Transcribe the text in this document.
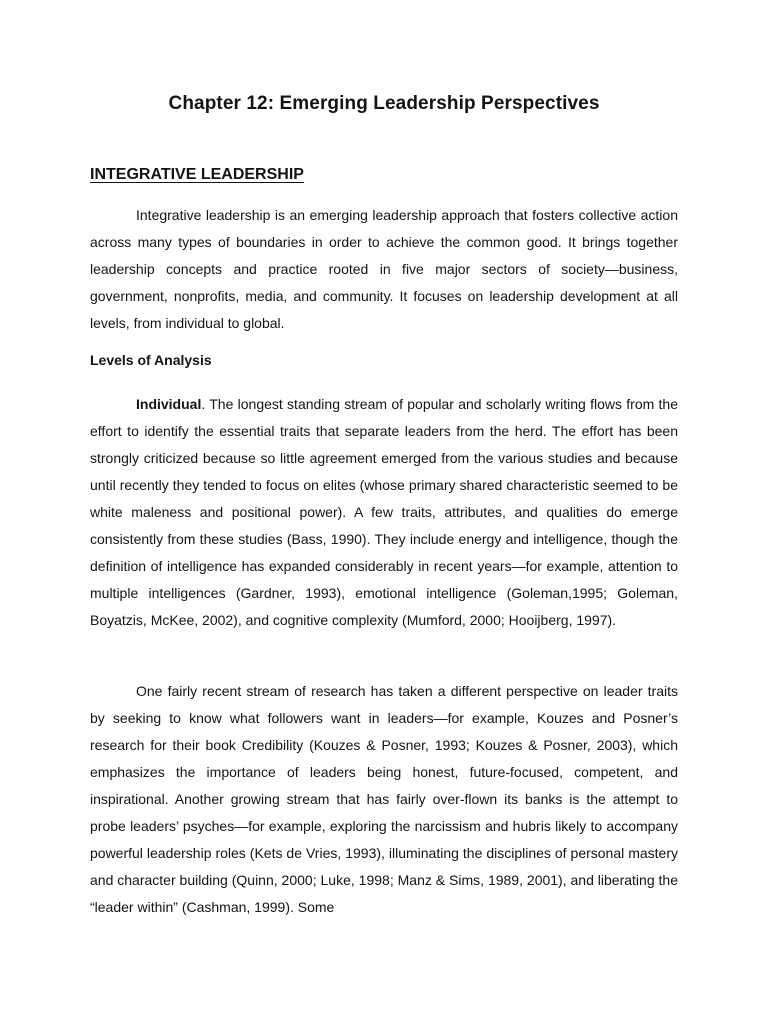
Chapter 12: Emerging Leadership Perspectives
INTEGRATIVE LEADERSHIP

Integrative leadership is an emerging leadership approach that fosters collective action across many types of boundaries in order to achieve the common good. It brings together leadership concepts and practice rooted in five major sectors of society—business, government, nonprofits, media, and community. It focuses on leadership development at all levels, from individual to global.

Levels of Analysis

Individual. The longest standing stream of popular and scholarly writing flows from the effort to identify the essential traits that separate leaders from the herd. The effort has been strongly criticized because so little agreement emerged from the various studies and because until recently they tended to focus on elites (whose primary shared characteristic seemed to be white maleness and positional power). A few traits, attributes, and qualities do emerge consistently from these studies (Bass, 1990). They include energy and intelligence, though the definition of intelligence has expanded considerably in recent years—for example, attention to multiple intelligences (Gardner, 1993), emotional intelligence (Goleman,1995; Goleman, Boyatzis, McKee, 2002), and cognitive complexity (Mumford, 2000; Hooijberg, 1997).

One fairly recent stream of research has taken a different perspective on leader traits by seeking to know what followers want in leaders—for example, Kouzes and Posner’s research for their book Credibility (Kouzes & Posner, 1993; Kouzes & Posner, 2003), which emphasizes the importance of leaders being honest, future-focused, competent, and inspirational. Another growing stream that has fairly over-flown its banks is the attempt to probe leaders’ psyches—for example, exploring the narcissism and hubris likely to accompany powerful leadership roles (Kets de Vries, 1993), illuminating the disciplines of personal mastery and character building (Quinn, 2000; Luke, 1998; Manz & Sims, 1989, 2001), and liberating the “leader within” (Cashman, 1999). Some
